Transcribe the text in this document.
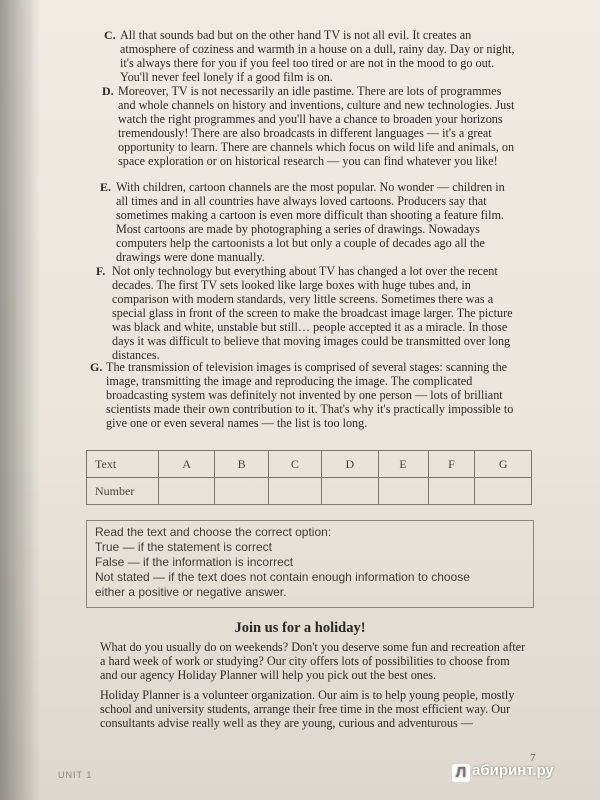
C. All that sounds bad but on the other hand TV is not all evil. It creates an atmosphere of coziness and warmth in a house on a dull, rainy day. Day or night, it's always there for you if you feel too tired or are not in the mood to go out. You'll never feel lonely if a good film is on.

D. Moreover, TV is not necessarily an idle pastime. There are lots of programmes and whole channels on history and inventions, culture and new technologies. Just watch the right programmes and you'll have a chance to broaden your horizons tremendously! There are also broadcasts in different languages — it's a great opportunity to learn. There are channels which focus on wild life and animals, on space exploration or on historical research — you can find whatever you like!

E. With children, cartoon channels are the most popular. No wonder — children in all times and in all countries have always loved cartoons. Producers say that sometimes making a cartoon is even more difficult than shooting a feature film. Most cartoons are made by photographing a series of drawings. Nowadays computers help the cartoonists a lot but only a couple of decades ago all the drawings were done manually.

F. Not only technology but everything about TV has changed a lot over the recent decades. The first TV sets looked like large boxes with huge tubes and, in comparison with modern standards, very little screens. Sometimes there was a special glass in front of the screen to make the broadcast image larger. The picture was black and white, unstable but still… people accepted it as a miracle. In those days it was difficult to believe that moving images could be transmitted over long distances.

G. The transmission of television images is comprised of several stages: scanning the image, transmitting the image and reproducing the image. The complicated broadcasting system was definitely not invented by one person — lots of brilliant scientists made their own contribution to it. That's why it's practically impossible to give one or even several names — the list is too long.

Text	A	B	C	D	E	F	G
Number							
Read the text and choose the correct option:
True — if the statement is correct
False — if the information is incorrect
Not stated — if the text does not contain enough information to choose
either a positive or negative answer.
Join us for a holiday!

What do you usually do on weekends? Don't you deserve some fun and recreation after a hard week of work or studying? Our city offers lots of possibilities to choose from and our agency Holiday Planner will help you pick out the best ones.

Holiday Planner is a volunteer organization. Our aim is to help young people, mostly school and university students, arrange their free time in the most efficient way. Our consultants advise really well as they are young, curious and adventurous —

UNIT 1
7
Л абиринт.ру
